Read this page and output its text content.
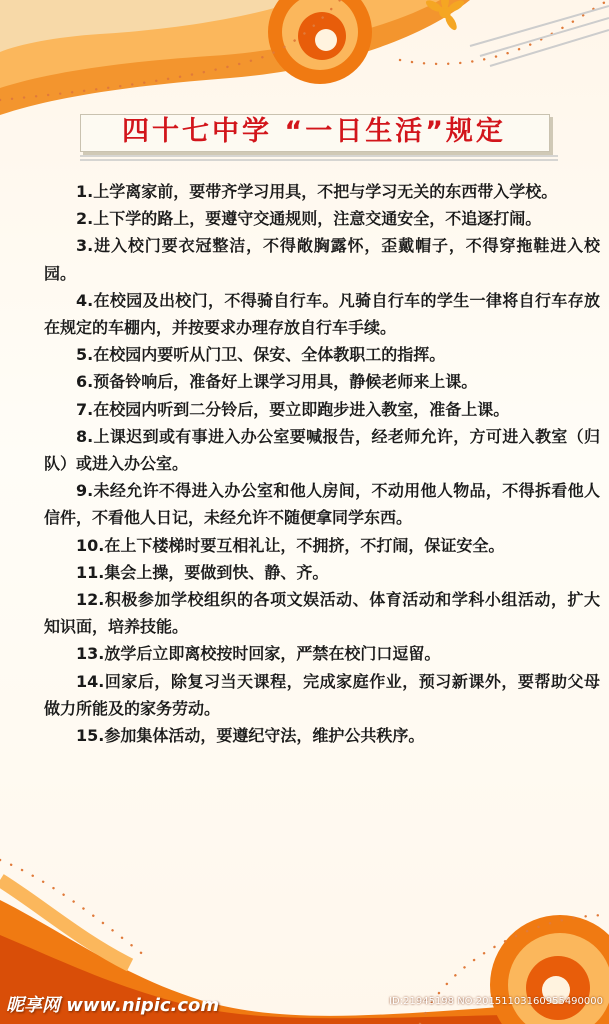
四十七中学 “一日生活”规定

1.上学离家前，要带齐学习用具，不把与学习无关的东西带入学校。

2.上下学的路上，要遵守交通规则，注意交通安全，不追逐打闹。

3.进入校门要衣冠整洁，不得敞胸露怀，歪戴帽子，不得穿拖鞋进入校园。

4.在校园及出校门，不得骑自行车。凡骑自行车的学生一律将自行车存放在规定的车棚内，并按要求办理存放自行车手续。

5.在校园内要听从门卫、保安、全体教职工的指挥。

6.预备铃响后，准备好上课学习用具，静候老师来上课。

7.在校园内听到二分铃后，要立即跑步进入教室，准备上课。

8.上课迟到或有事进入办公室要喊报告，经老师允许，方可进入教室（归队）或进入办公室。

9.未经允许不得进入办公室和他人房间，不动用他人物品，不得拆看他人信件，不看他人日记，未经允许不随便拿同学东西。

10.在上下楼梯时要互相礼让，不拥挤，不打闹，保证安全。

11.集会上操，要做到快、静、齐。

12.积极参加学校组织的各项文娱活动、体育活动和学科小组活动，扩大知识面，培养技能。

13.放学后立即离校按时回家，严禁在校门口逗留。

14.回家后，除复习当天课程，完成家庭作业，预习新课外，要帮助父母做力所能及的家务劳动。

15.参加集体活动，要遵纪守法，维护公共秩序。

昵享网 www.nipic.com	ID:21945198 NO:20151103160955490000
